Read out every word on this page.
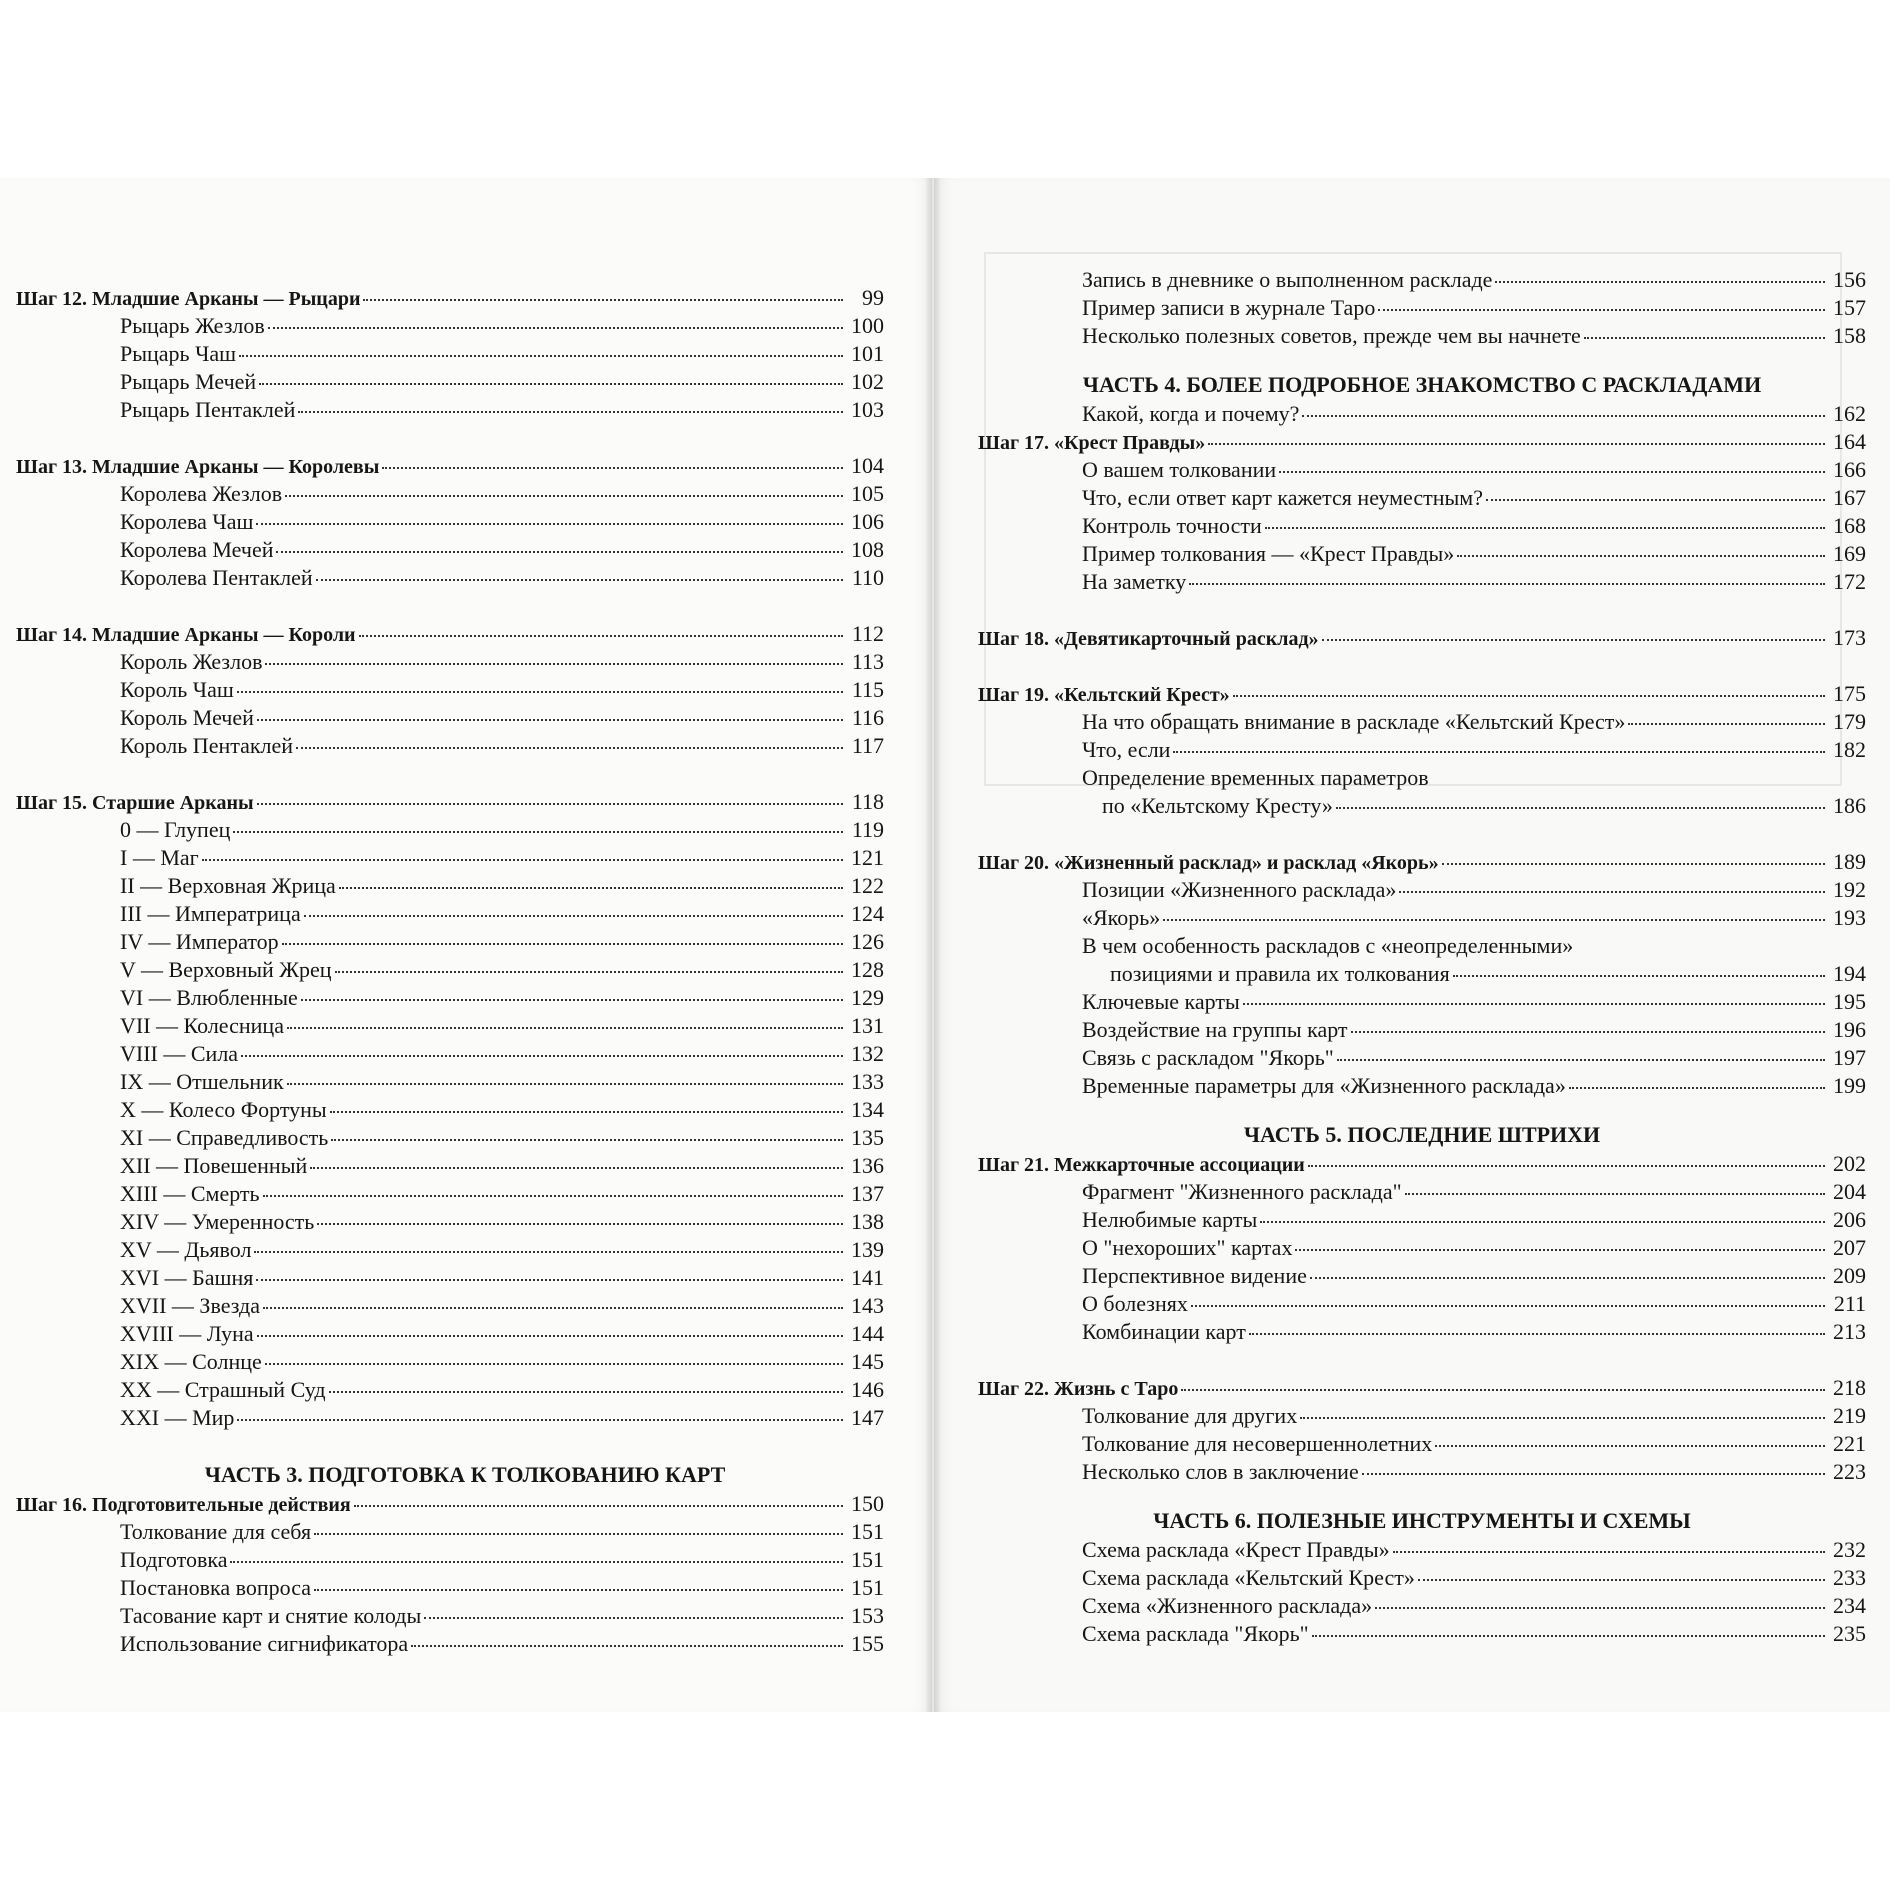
Шаг 12. Младшие Арканы — Рыцари	99
Рыцарь Жезлов	100
Рыцарь Чаш	101
Рыцарь Мечей	102
Рыцарь Пентаклей	103
Шаг 13. Младшие Арканы — Королевы	104
Королева Жезлов	105
Королева Чаш	106
Королева Мечей	108
Королева Пентаклей	110
Шаг 14. Младшие Арканы — Короли	112
Король Жезлов	113
Король Чаш	115
Король Мечей	116
Король Пентаклей	117
Шаг 15. Старшие Арканы	118
0 — Глупец	119
I — Маг	121
II — Верховная Жрица	122
III — Императрица	124
IV — Император	126
V — Верховный Жрец	128
VI — Влюбленные	129
VII — Колесница	131
VIII — Сила	132
IX — Отшельник	133
X — Колесо Фортуны	134
XI — Справедливость	135
XII — Повешенный	136
XIII — Смерть	137
XIV — Умеренность	138
XV — Дьявол	139
XVI — Башня	141
XVII — Звезда	143
XVIII — Луна	144
XIX — Солнце	145
XX — Страшный Суд	146
XXI — Мир	147
ЧАСТЬ 3. ПОДГОТОВКА К ТОЛКОВАНИЮ КАРТ
Шаг 16. Подготовительные действия	150
Толкование для себя	151
Подготовка	151
Постановка вопроса	151
Тасование карт и снятие колоды	153
Использование сигнификатора	155
Запись в дневнике о выполненном раскладе	156
Пример записи в журнале Таро	157
Несколько полезных советов, прежде чем вы начнете	158
ЧАСТЬ 4. БОЛЕЕ ПОДРОБНОЕ ЗНАКОМСТВО С РАСКЛАДАМИ
Какой, когда и почему?	162
Шаг 17. «Крест Правды»	164
О вашем толковании	166
Что, если ответ карт кажется неуместным?	167
Контроль точности	168
Пример толкования — «Крест Правды»	169
На заметку	172
Шаг 18. «Девятикарточный расклад»	173
Шаг 19. «Кельтский Крест»	175
На что обращать внимание в раскладе «Кельтский Крест»	179
Что, если	182
Определение временных параметров
по «Кельтскому Кресту»	186
Шаг 20. «Жизненный расклад» и расклад «Якорь»	189
Позиции «Жизненного расклада»	192
«Якорь»	193
В чем особенность раскладов с «неопределенными»
позициями и правила их толкования	194
Ключевые карты	195
Воздействие на группы карт	196
Связь с раскладом "Якорь"	197
Временные параметры для «Жизненного расклада»	199
ЧАСТЬ 5. ПОСЛЕДНИЕ ШТРИХИ
Шаг 21. Межкарточные ассоциации	202
Фрагмент "Жизненного расклада"	204
Нелюбимые карты	206
О "нехороших" картах	207
Перспективное видение	209
О болезнях	211
Комбинации карт	213
Шаг 22. Жизнь с Таро	218
Толкование для других	219
Толкование для несовершеннолетних	221
Несколько слов в заключение	223
ЧАСТЬ 6. ПОЛЕЗНЫЕ ИНСТРУМЕНТЫ И СХЕМЫ
Схема расклада «Крест Правды»	232
Схема расклада «Кельтский Крест»	233
Схема «Жизненного расклада»	234
Схема расклада "Якорь"	235
